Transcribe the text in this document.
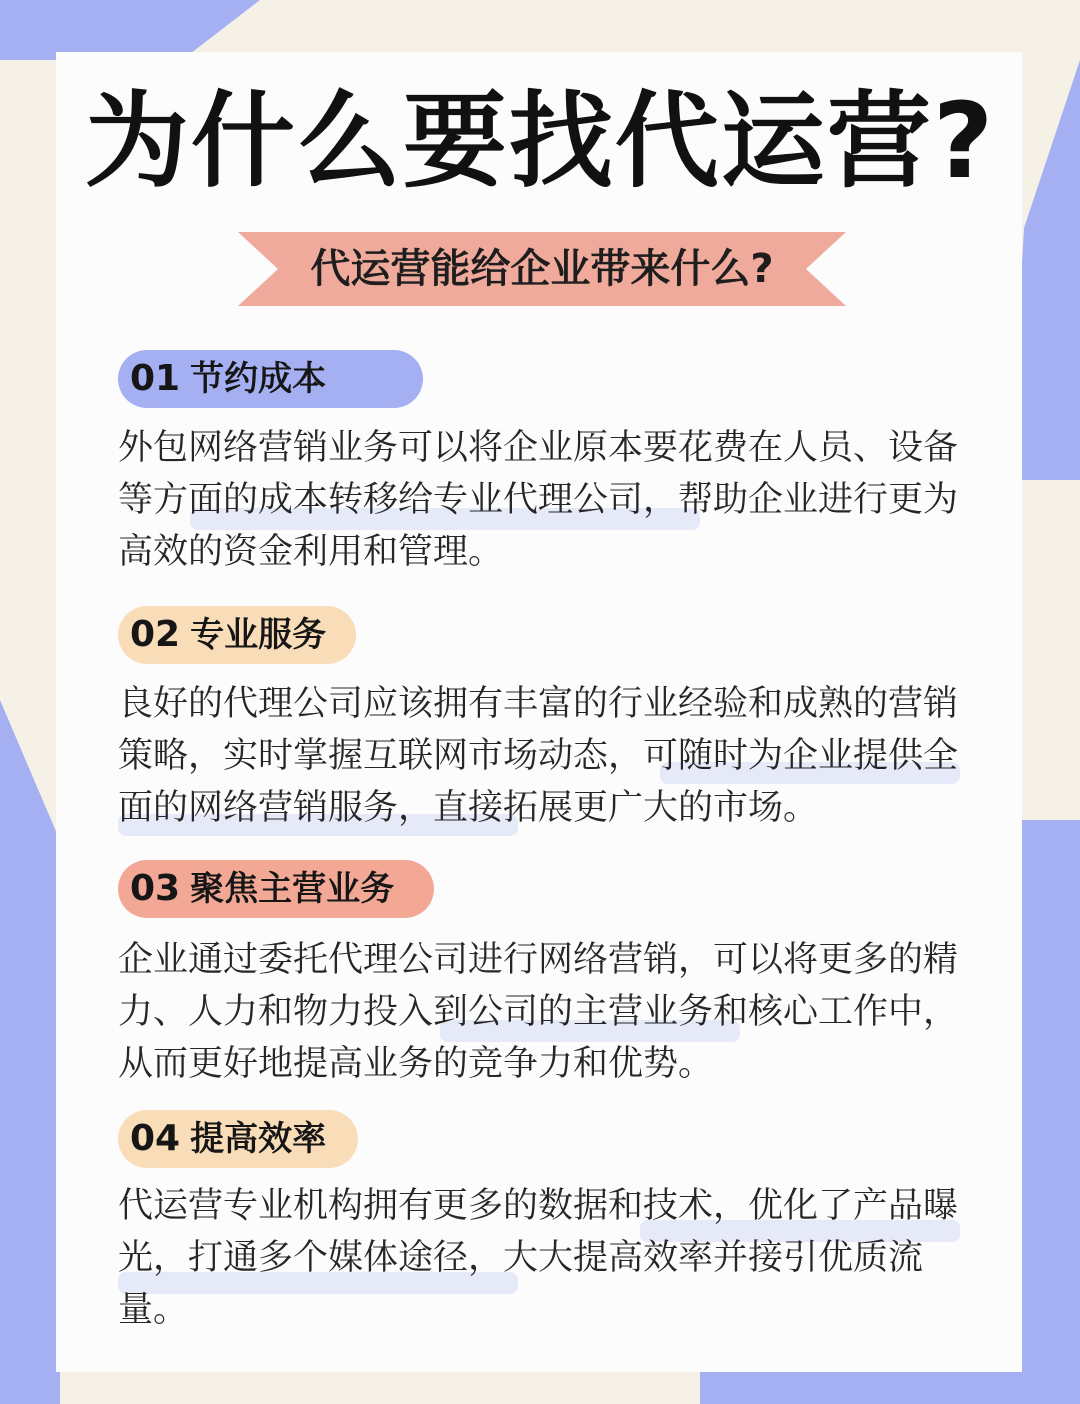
为什么要找代运营?
代运营能给企业带来什么?
01 节约成本

外包网络营销业务可以将企业原本要花费在人员、设备等方面的成本转移给专业代理公司，帮助企业进行更为高效的资金利用和管理。

02 专业服务

良好的代理公司应该拥有丰富的行业经验和成熟的营销策略，实时掌握互联网市场动态，可随时为企业提供全面的网络营销服务，直接拓展更广大的市场。

03 聚焦主营业务

企业通过委托代理公司进行网络营销，可以将更多的精力、人力和物力投入到公司的主营业务和核心工作中，从而更好地提高业务的竞争力和优势。

04 提高效率

代运营专业机构拥有更多的数据和技术，优化了产品曝光，打通多个媒体途径，大大提高效率并接引优质流量。
